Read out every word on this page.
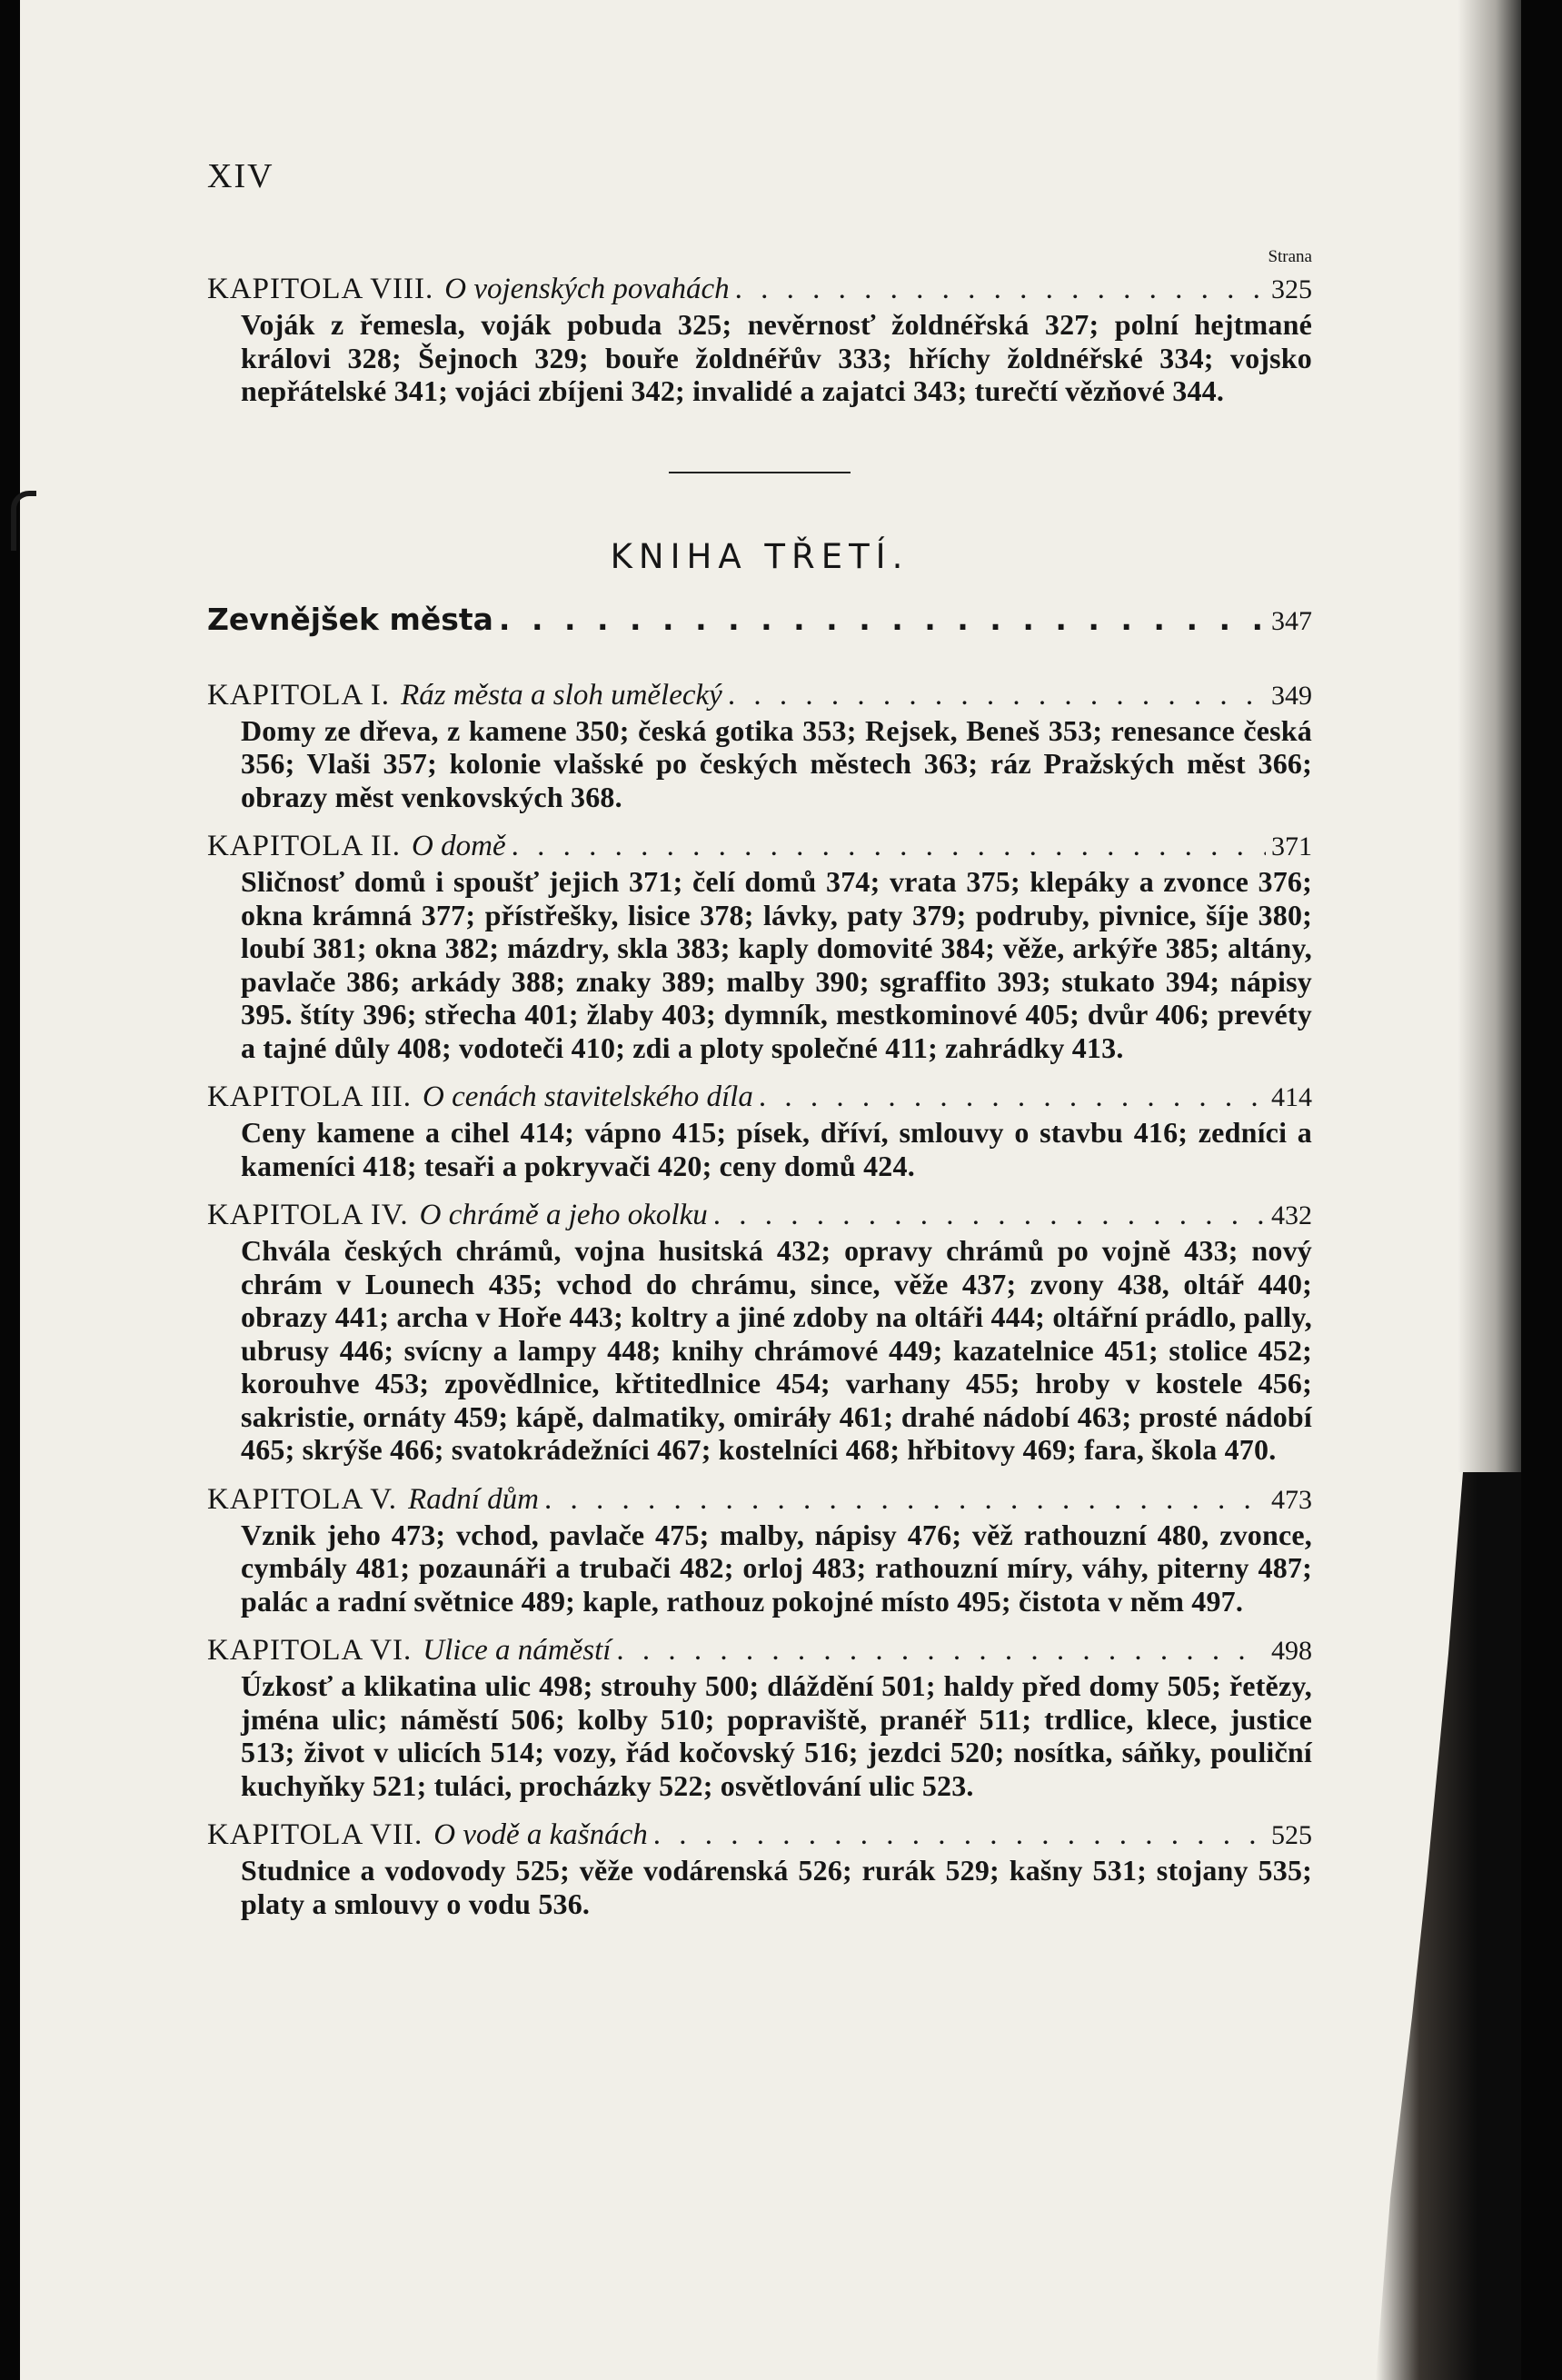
XIV
Strana
KAPITOLA VIII. O vojenských povahách . . .	325
Voják z řemesla, voják pobuda 325; nevěrnosť žoldnéřská 327; polní hejtmané královi 328; Šejnoch 329; bouře žoldnéřův 333; hříchy žoldnéřské 334; vojsko nepřátelské 341; vojáci zbíjeni 342; invalidé a zajatci 343; turečtí vězňové 344.
KNIHA TŘETÍ.
Zevnějšek města . . .	347
KAPITOLA I. Ráz města a sloh umělecký . . .	349
Domy ze dřeva, z kamene 350; česká gotika 353; Rejsek, Beneš 353; renesance česká 356; Vlaši 357; kolonie vlašské po českých městech 363; ráz Pražských měst 366; obrazy měst venkovských 368.
KAPITOLA II. O domě . . .	371
Sličnosť domů i spoušť jejich 371; čelí domů 374; vrata 375; klepáky a zvonce 376; okna krámná 377; přístřešky, lisice 378; lávky, paty 379; podruby, pivnice, šíje 380; loubí 381; okna 382; mázdry, skla 383; kaply domovité 384; věže, arkýře 385; altány, pavlače 386; arkády 388; znaky 389; malby 390; sgraffito 393; stukato 394; nápisy 395. štíty 396; střecha 401; žlaby 403; dymník, mestkominové 405; dvůr 406; prevéty a tajné důly 408; vodoteči 410; zdi a ploty společné 411; zahrádky 413.
KAPITOLA III. O cenách stavitelského díla . . .	414
Ceny kamene a cihel 414; vápno 415; písek, dříví, smlouvy o stavbu 416; zedníci a kameníci 418; tesaři a pokryvači 420; ceny domů 424.
KAPITOLA IV. O chrámě a jeho okolku . . .	432
Chvála českých chrámů, vojna husitská 432; opravy chrámů po vojně 433; nový chrám v Lounech 435; vchod do chrámu, since, věže 437; zvony 438, oltář 440; obrazy 441; archa v Hoře 443; koltry a jiné zdoby na oltáři 444; oltářní prádlo, pally, ubrusy 446; svícny a lampy 448; knihy chrámové 449; kazatelnice 451; stolice 452; korouhve 453; zpovědlnice, křtitedlnice 454; varhany 455; hroby v kostele 456; sakristie, ornáty 459; kápě, dalmatiky, omiráły 461; drahé nádobí 463; prosté nádobí 465; skrýše 466; svatokrádežníci 467; kostelníci 468; hřbitovy 469; fara, škola 470.
KAPITOLA V. Radní dům . . .	473
Vznik jeho 473; vchod, pavlače 475; malby, nápisy 476; věž rathouzní 480, zvonce, cymbály 481; pozaunáři a trubači 482; orloj 483; rathouzní míry, váhy, piterny 487; palác a radní světnice 489; kaple, rathouz pokojné místo 495; čistota v něm 497.
KAPITOLA VI. Ulice a náměstí . . .	498
Úzkosť a klikatina ulic 498; strouhy 500; dláždění 501; haldy před domy 505; řetězy, jména ulic; náměstí 506; kolby 510; popraviště, pranéř 511; trdlice, klece, justice 513; život v ulicích 514; vozy, řád kočovský 516; jezdci 520; nosítka, sáňky, pouliční kuchyňky 521; tuláci, procházky 522; osvětlování ulic 523.
KAPITOLA VII. O vodě a kašnách . . .	525
Studnice a vodovody 525; věže vodárenská 526; rurák 529; kašny 531; stojany 535; platy a smlouvy o vodu 536.
